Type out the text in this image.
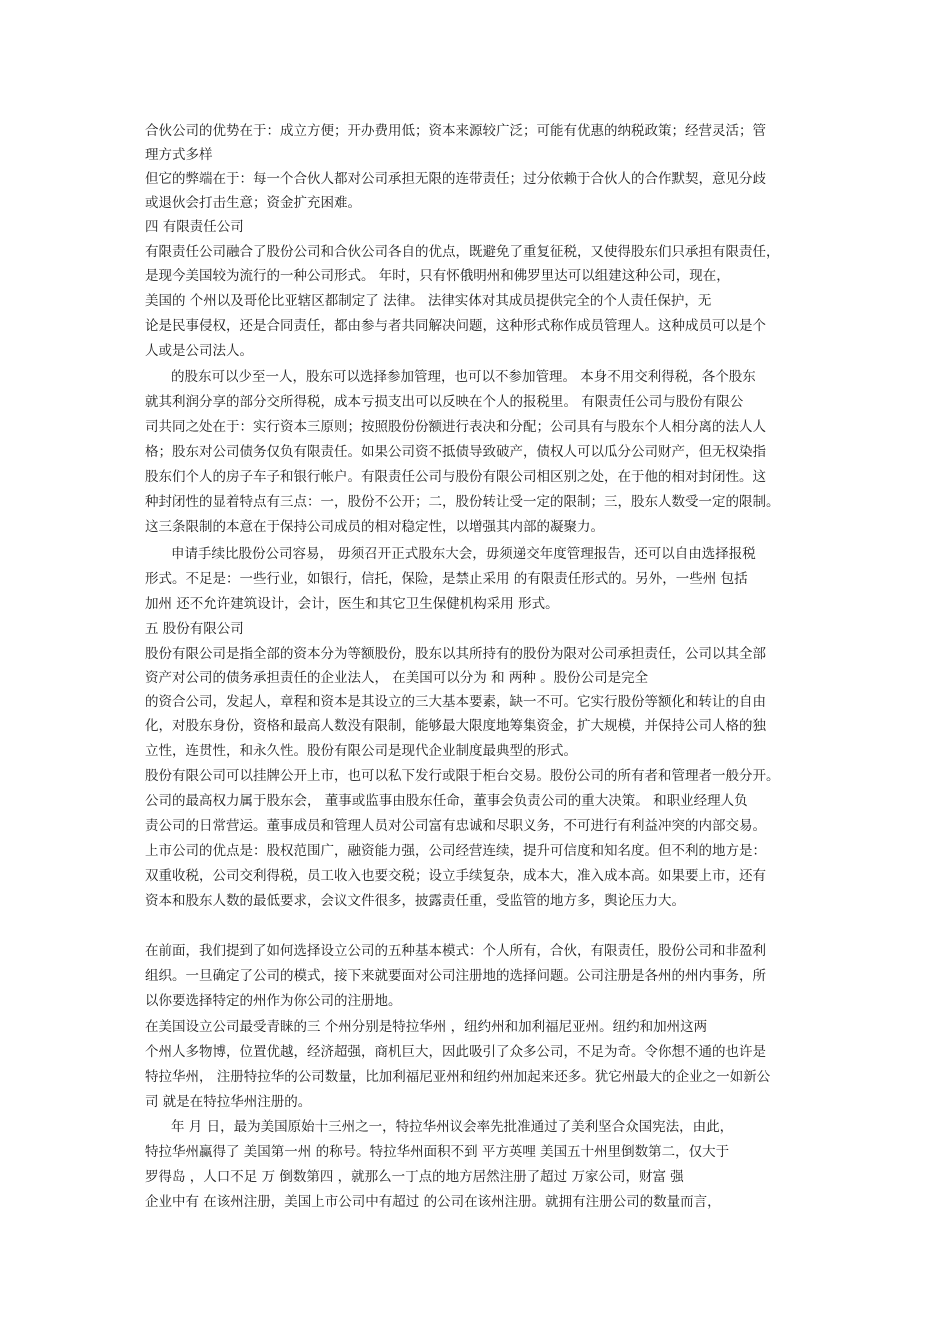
合伙公司的优势在于：成立方便；开办费用低；资本来源较广泛；可能有优惠的纳税政策；经营灵活；管
理方式多样
但它的弊端在于：每一个合伙人都对公司承担无限的连带责任；过分依赖于合伙人的合作默契，意见分歧
或退伙会打击生意；资金扩充困难。
四 有限责任公司
有限责任公司融合了股份公司和合伙公司各自的优点，既避免了重复征税，又使得股东们只承担有限责任，
是现今美国较为流行的一种公司形式。 年时，只有怀俄明州和佛罗里达可以组建这种公司，现在，
美国的 个州以及哥伦比亚辖区都制定了 法律。 法律实体对其成员提供完全的个人责任保护，无
论是民事侵权，还是合同责任，都由参与者共同解决问题，这种形式称作成员管理人。这种成员可以是个
人或是公司法人。
的股东可以少至一人，股东可以选择参加管理，也可以不参加管理。 本身不用交利得税，各个股东
就其利润分享的部分交所得税，成本亏损支出可以反映在个人的报税里。 有限责任公司与股份有限公
司共同之处在于：实行资本三原则；按照股份份额进行表决和分配；公司具有与股东个人相分离的法人人
格；股东对公司债务仅负有限责任。如果公司资不抵债导致破产，债权人可以瓜分公司财产，但无权染指
股东们个人的房子车子和银行帐户。有限责任公司与股份有限公司相区别之处，在于他的相对封闭性。这
种封闭性的显着特点有三点：一，股份不公开；二，股份转让受一定的限制；三，股东人数受一定的限制。
这三条限制的本意在于保持公司成员的相对稳定性，以增强其内部的凝聚力。
申请手续比股份公司容易， 毋须召开正式股东大会，毋须递交年度管理报告，还可以自由选择报税
形式。不足是：一些行业，如银行，信托，保险，是禁止采用 的有限责任形式的。另外，一些州 包括
加州 还不允许建筑设计，会计，医生和其它卫生保健机构采用 形式。
五 股份有限公司
股份有限公司是指全部的资本分为等额股份，股东以其所持有的股份为限对公司承担责任，公司以其全部
资产对公司的债务承担责任的企业法人， 在美国可以分为 和 两种 。股份公司是完全
的资合公司，发起人，章程和资本是其设立的三大基本要素，缺一不可。它实行股份等额化和转让的自由
化，对股东身份，资格和最高人数没有限制，能够最大限度地筹集资金，扩大规模，并保持公司人格的独
立性，连贯性，和永久性。股份有限公司是现代企业制度最典型的形式。
股份有限公司可以挂牌公开上市，也可以私下发行或限于柜台交易。股份公司的所有者和管理者一般分开。
公司的最高权力属于股东会， 董事或监事由股东任命，董事会负责公司的重大决策。 和职业经理人负
责公司的日常营运。董事成员和管理人员对公司富有忠诚和尽职义务，不可进行有利益冲突的内部交易。
上市公司的优点是：股权范围广，融资能力强，公司经营连续，提升可信度和知名度。但不利的地方是：
双重收税，公司交利得税，员工收入也要交税；设立手续复杂，成本大，准入成本高。如果要上市，还有
资本和股东人数的最低要求，会议文件很多，披露责任重，受监管的地方多，舆论压力大。
在前面，我们提到了如何选择设立公司的五种基本模式：个人所有，合伙，有限责任，股份公司和非盈利
组织。一旦确定了公司的模式，接下来就要面对公司注册地的选择问题。公司注册是各州的州内事务，所
以你要选择特定的州作为你公司的注册地。
在美国设立公司最受青睐的三 个州分别是特拉华州 ，纽约州和加利福尼亚州。纽约和加州这两
个州人多物博，位置优越，经济超强，商机巨大，因此吸引了众多公司，不足为奇。令你想不通的也许是
特拉华州， 注册特拉华的公司数量，比加利福尼亚州和纽约州加起来还多。犹它州最大的企业之一如新公
司 就是在特拉华州注册的。
年 月 日，最为美国原始十三州之一，特拉华州议会率先批准通过了美利坚合众国宪法，由此，
特拉华州赢得了 美国第一州 的称号。特拉华州面积不到 平方英哩 美国五十州里倒数第二，仅大于
罗得岛 ，人口不足 万 倒数第四 ，就那么一丁点的地方居然注册了超过 万家公司，财富 强
企业中有 在该州注册，美国上市公司中有超过 的公司在该州注册。就拥有注册公司的数量而言，
